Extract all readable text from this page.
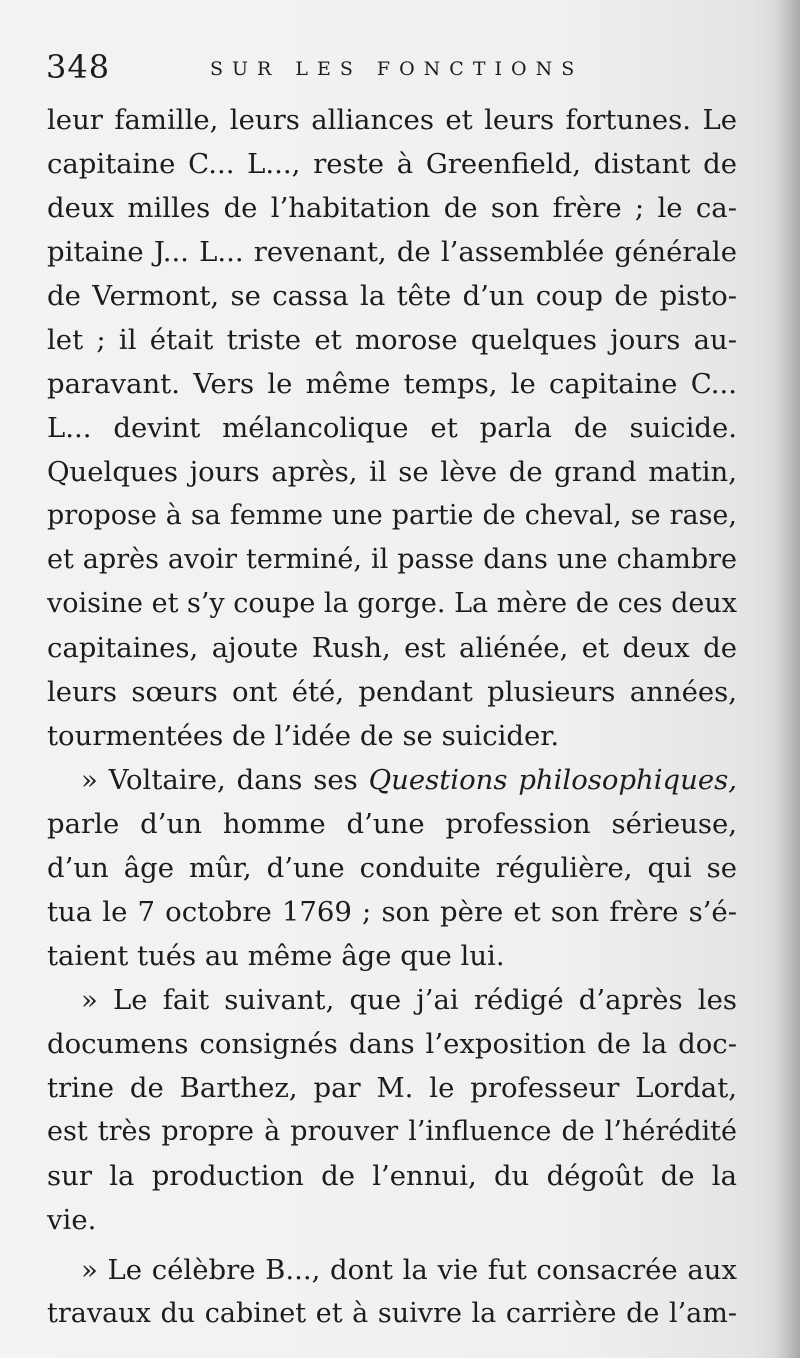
348	SUR LES FONCTIONS
leur famille, leurs alliances et leurs fortunes. Le
capitaine C... L..., reste à Greenfield, distant de
deux milles de l’habitation de son frère ; le ca-
pitaine J... L... revenant, de l’assemblée générale
de Vermont, se cassa la tête d’un coup de pisto-
let ; il était triste et morose quelques jours au-
paravant. Vers le même temps, le capitaine C...
L... devint mélancolique et parla de suicide.
Quelques jours après, il se lève de grand matin,
propose à sa femme une partie de cheval, se rase,
et après avoir terminé, il passe dans une chambre
voisine et s’y coupe la gorge. La mère de ces deux
capitaines, ajoute Rush, est aliénée, et deux de
leurs sœurs ont été, pendant plusieurs années,
tourmentées de l’idée de se suicider.
» Voltaire, dans ses Questions philosophiques,
parle d’un homme d’une profession sérieuse,
d’un âge mûr, d’une conduite régulière, qui se
tua le 7 octobre 1769 ; son père et son frère s’é-
taient tués au même âge que lui.
» Le fait suivant, que j’ai rédigé d’après les
documens consignés dans l’exposition de la doc-
trine de Barthez, par M. le professeur Lordat,
est très propre à prouver l’influence de l’hérédité
sur la production de l’ennui, du dégoût de la
vie.
» Le célèbre B..., dont la vie fut consacrée aux
travaux du cabinet et à suivre la carrière de l’am-
